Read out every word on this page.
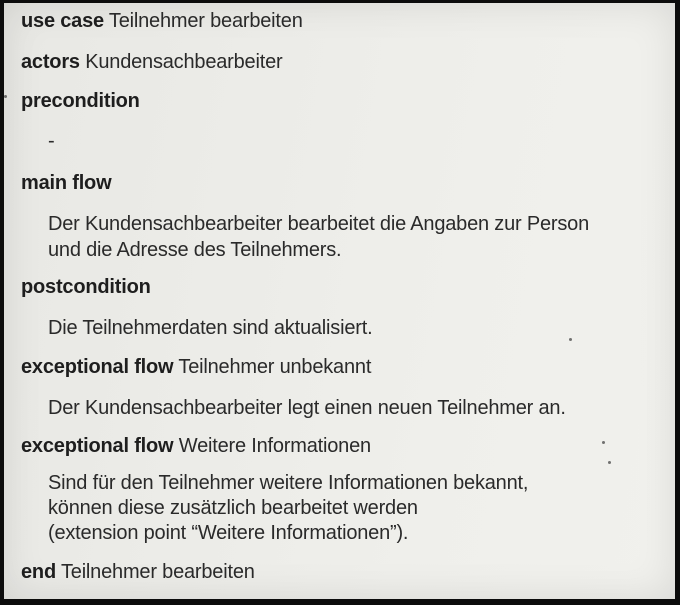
use case Teilnehmer bearbeiten
actors Kundensachbearbeiter
precondition
-
main flow
Der Kundensachbearbeiter bearbeitet die Angaben zur Person
und die Adresse des Teilnehmers.
postcondition
Die Teilnehmerdaten sind aktualisiert.
exceptional flow Teilnehmer unbekannt
Der Kundensachbearbeiter legt einen neuen Teilnehmer an.
exceptional flow Weitere Informationen
Sind für den Teilnehmer weitere Informationen bekannt,
können diese zusätzlich bearbeitet werden
(extension point “Weitere Informationen”).
end Teilnehmer bearbeiten
